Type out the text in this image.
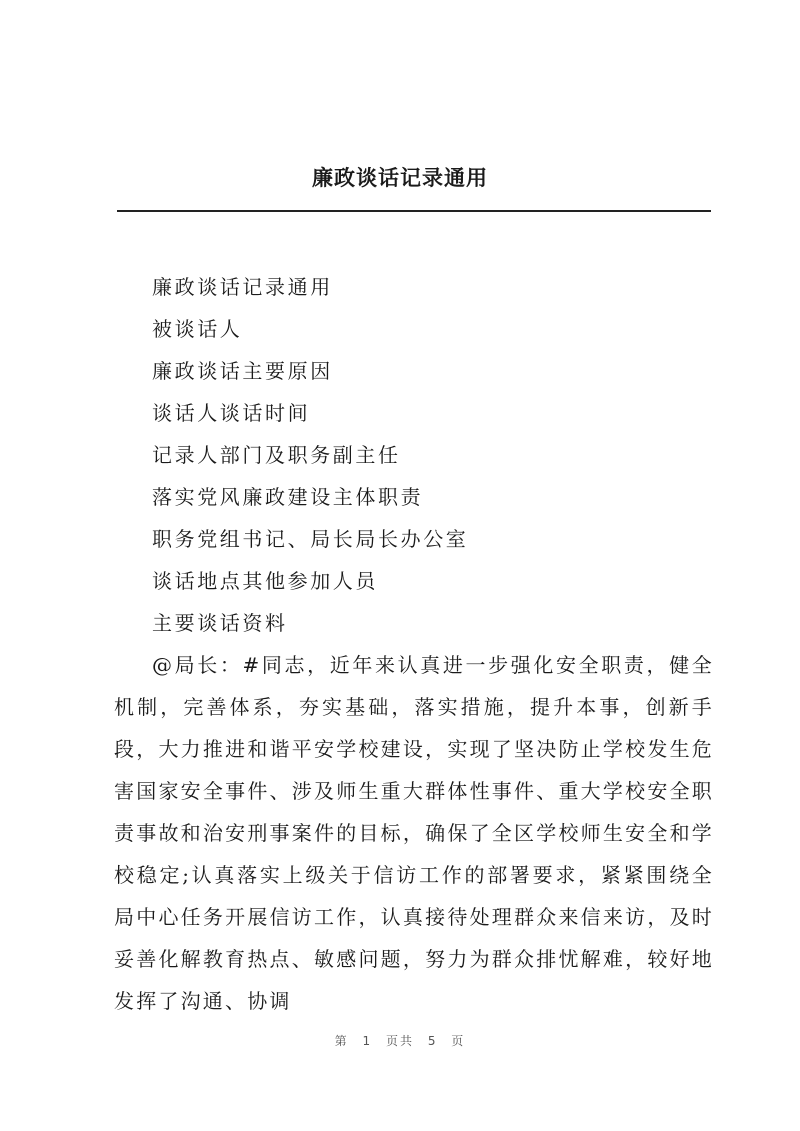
廉政谈话记录通用

廉政谈话记录通用

被谈话人

廉政谈话主要原因

谈话人谈话时间

记录人部门及职务副主任

落实党风廉政建设主体职责

职务党组书记、局长局长办公室

谈话地点其他参加人员

主要谈话资料

@局长：#同志，近年来认真进一步强化安全职责，健全机制，完善体系，夯实基础，落实措施，提升本事，创新手段，大力推进和谐平安学校建设，实现了坚决防止学校发生危害国家安全事件、涉及师生重大群体性事件、重大学校安全职责事故和治安刑事案件的目标，确保了全区学校师生安全和学校稳定;认真落实上级关于信访工作的部署要求，紧紧围绕全局中心任务开展信访工作，认真接待处理群众来信来访，及时妥善化解教育热点、敏感问题，努力为群众排忧解难，较好地发挥了沟通、协调

第 1 页共 5 页
